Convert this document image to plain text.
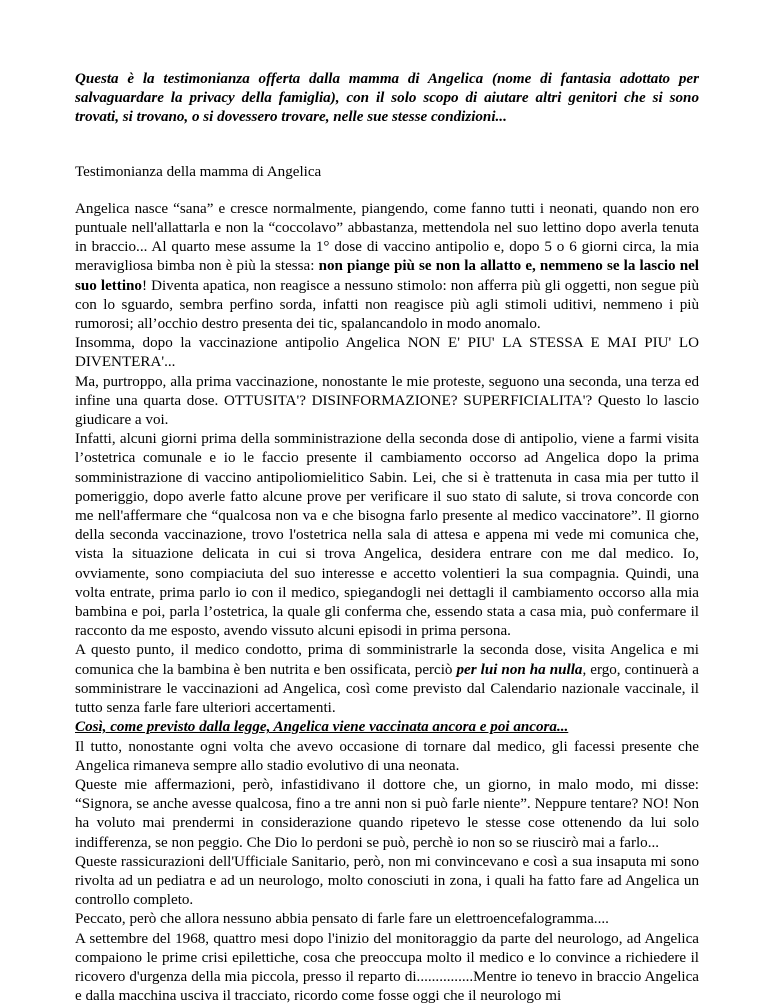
Questa è la testimonianza offerta dalla mamma di Angelica (nome di fantasia adottato per salvaguardare la privacy della famiglia), con il solo scopo di aiutare altri genitori che si sono trovati, si trovano, o si dovessero trovare, nelle sue stesse condizioni...

Testimonianza della mamma di Angelica

Angelica nasce “sana” e cresce normalmente, piangendo, come fanno tutti i neonati, quando non ero puntuale nell'allattarla e non la “coccolavo” abbastanza, mettendola nel suo lettino dopo averla tenuta in braccio... Al quarto mese assume la 1° dose di vaccino antipolio e, dopo 5 o 6 giorni circa, la mia meravigliosa bimba non è più la stessa: non piange più se non la allatto e, nemmeno se la lascio nel suo lettino! Diventa apatica, non reagisce a nessuno stimolo: non afferra più gli oggetti, non segue più con lo sguardo, sembra perfino sorda, infatti non reagisce più agli stimoli uditivi, nemmeno i più rumorosi; all’occhio destro presenta dei tic, spalancandolo in modo anomalo.

Insomma, dopo la vaccinazione antipolio Angelica NON E' PIU' LA STESSA E MAI PIU' LO DIVENTERA'...

Ma, purtroppo, alla prima vaccinazione, nonostante le mie proteste, seguono una seconda, una terza ed infine una quarta dose. OTTUSITA'? DISINFORMAZIONE? SUPERFICIALITA'? Questo lo lascio giudicare a voi.

Infatti, alcuni giorni prima della somministrazione della seconda dose di antipolio, viene a farmi visita l’ostetrica comunale e io le faccio presente il cambiamento occorso ad Angelica dopo la prima somministrazione di vaccino antipoliomielitico Sabin. Lei, che si è trattenuta in casa mia per tutto il pomeriggio, dopo averle fatto alcune prove per verificare il suo stato di salute, si trova concorde con me nell'affermare che “qualcosa non va e che bisogna farlo presente al medico vaccinatore”. Il giorno della seconda vaccinazione, trovo l'ostetrica nella sala di attesa e appena mi vede mi comunica che, vista la situazione delicata in cui si trova Angelica, desidera entrare con me dal medico. Io, ovviamente, sono compiaciuta del suo interesse e accetto volentieri la sua compagnia. Quindi, una volta entrate, prima parlo io con il medico, spiegandogli nei dettagli il cambiamento occorso alla mia bambina e poi, parla l’ostetrica, la quale gli conferma che, essendo stata a casa mia, può confermare il racconto da me esposto, avendo vissuto alcuni episodi in prima persona.

A questo punto, il medico condotto, prima di somministrarle la seconda dose, visita Angelica e mi comunica che la bambina è ben nutrita e ben ossificata, perciò per lui non ha nulla, ergo, continuerà a somministrare le vaccinazioni ad Angelica, così come previsto dal Calendario nazionale vaccinale, il tutto senza farle fare ulteriori accertamenti.

Così, come previsto dalla legge, Angelica viene vaccinata ancora e poi ancora...

Il tutto, nonostante ogni volta che avevo occasione di tornare dal medico, gli facessi presente che Angelica rimaneva sempre allo stadio evolutivo di una neonata.

Queste mie affermazioni, però, infastidivano il dottore che, un giorno, in malo modo, mi disse: “Signora, se anche avesse qualcosa, fino a tre anni non si può farle niente”. Neppure tentare? NO! Non ha voluto mai prendermi in considerazione quando ripetevo le stesse cose ottenendo da lui solo indifferenza, se non peggio. Che Dio lo perdoni se può, perchè io non so se riuscirò mai a farlo...

Queste rassicurazioni dell'Ufficiale Sanitario, però, non mi convincevano e così a sua insaputa mi sono rivolta ad un pediatra e ad un neurologo, molto conosciuti in zona, i quali ha fatto fare ad Angelica un controllo completo.

Peccato, però che allora nessuno abbia pensato di farle fare un elettroencefalogramma....

A settembre del 1968, quattro mesi dopo l'inizio del monitoraggio da parte del neurologo, ad Angelica compaiono le prime crisi epilettiche, cosa che preoccupa molto il medico e lo convince a richiedere il ricovero d'urgenza della mia piccola, presso il reparto di...............Mentre io tenevo in braccio Angelica e dalla macchina usciva il tracciato, ricordo come fosse oggi che il neurologo mi
